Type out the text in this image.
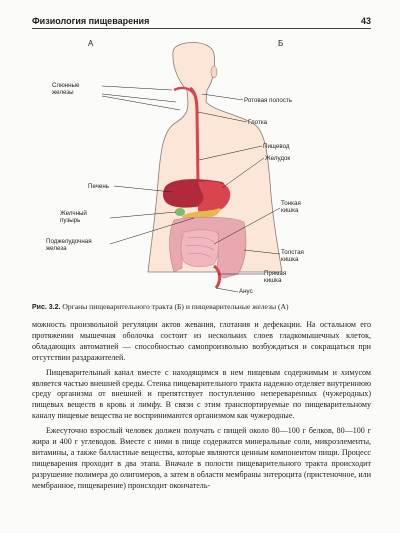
Физиология пищеварения	43
А	Б
Слюнные
железы
Ротовая полость
Глотка
Пищевод
Желудок
Печень
Желчный
пузырь
Поджелудочная
железа
Тонкая
кишка
Толстая
кишка
Прямая
кишка
Анус
Рис. 3.2. Органы пищеварительного тракта (Б) и пищеварительные железы (А)

можность произвольной регуляции актов жевания, глотания и дефекации. На остальном его протяжении мышечная оболочка состоит из нескольких слоев гладкомышечных клеток, обладающих автоматией — способностью самопроизвольно возбуждаться и сокращаться при отсутствии раздражителей.

Пищеварительный канал вместе с находящимся в нем пищевым содержимым и химусом является частью внешней среды. Стенка пищеварительного тракта надежно отделяет внутреннюю среду организма от внешней и препятствует поступлению непереваренных (чужеродных) пищевых веществ в кровь и лимфу. В связи с этим транспортируемые по пищеварительному каналу пищевые вещества не воспринимаются организмом как чужеродные.

Ежесуточно взрослый человек должен получать с пищей около 80—100 г белков, 80—100 г жира и 400 г углеводов. Вместе с ними в пище содержатся минеральные соли, микроэлементы, витамины, а также балластные вещества, которые являются ценным компонентом пищи. Процесс пищеварения проходит в два этапа. Вначале в полости пищеварительного тракта происходит разрушение полимера до олигомеров, а затем в области мембраны энтероцита (пристеночное, или мембранное, пищеварение) происходит окончатель-
